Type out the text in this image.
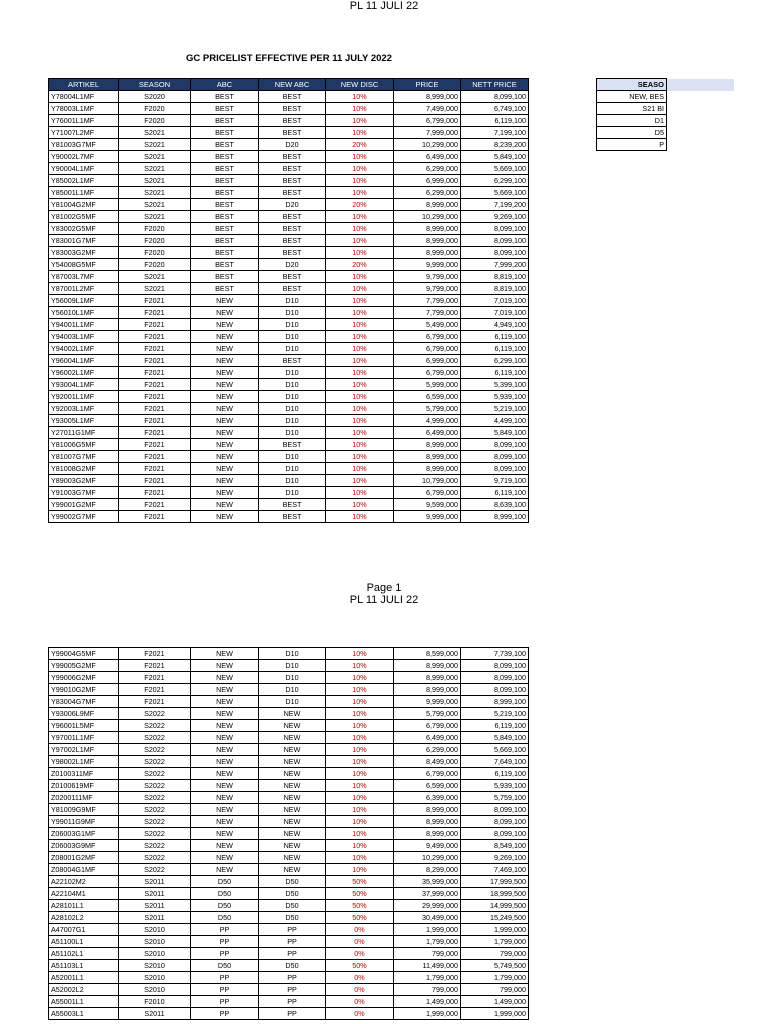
PL 11 JULI 22
GC PRICELIST EFFECTIVE PER 11 JULY 2022
ARTIKEL	SEASON	ABC	NEW ABC	NEW DISC	PRICE	NETT PRICE
Y78004L1MF	S2020	BEST	BEST	10%	8,999,000	8,099,100
Y78003L1MF	F2020	BEST	BEST	10%	7,499,000	6,749,100
Y76001L1MF	F2020	BEST	BEST	10%	6,799,000	6,119,100
Y71007L2MF	S2021	BEST	BEST	10%	7,999,000	7,199,100
Y81003G7MF	S2021	BEST	D20	20%	10,299,000	8,239,200
Y90002L7MF	S2021	BEST	BEST	10%	6,499,000	5,849,100
Y90004L1MF	S2021	BEST	BEST	10%	6,299,000	5,669,100
Y85002L1MF	S2021	BEST	BEST	10%	6,999,000	6,299,100
Y85001L1MF	S2021	BEST	BEST	10%	6,299,000	5,669,100
Y81004G2MF	S2021	BEST	D20	20%	8,999,000	7,199,200
Y81002G5MF	S2021	BEST	BEST	10%	10,299,000	9,269,100
Y83002G5MF	F2020	BEST	BEST	10%	8,999,000	8,099,100
Y83001G7MF	F2020	BEST	BEST	10%	8,999,000	8,099,100
Y83003G2MF	F2020	BEST	BEST	10%	8,999,000	8,099,100
Y54008G5MF	F2020	BEST	D20	20%	9,999,000	7,999,200
Y87003L7MF	S2021	BEST	BEST	10%	9,799,000	8,819,100
Y87001L2MF	S2021	BEST	BEST	10%	9,799,000	8,819,100
Y56009L1MF	F2021	NEW	D10	10%	7,799,000	7,019,100
Y56010L1MF	F2021	NEW	D10	10%	7,799,000	7,019,100
Y94001L1MF	F2021	NEW	D10	10%	5,499,000	4,949,100
Y94003L1MF	F2021	NEW	D10	10%	6,799,000	6,119,100
Y94002L1MF	F2021	NEW	D10	10%	6,799,000	6,119,100
Y96004L1MF	F2021	NEW	BEST	10%	6,999,000	6,299,100
Y96002L1MF	F2021	NEW	D10	10%	6,799,000	6,119,100
Y93004L1MF	F2021	NEW	D10	10%	5,999,000	5,399,100
Y92001L1MF	F2021	NEW	D10	10%	6,599,000	5,939,100
Y92003L1MF	F2021	NEW	D10	10%	5,799,000	5,219,100
Y93005L1MF	F2021	NEW	D10	10%	4,999,000	4,499,100
Y27011G1MF	F2021	NEW	D10	10%	6,499,000	5,849,100
Y81006G5MF	F2021	NEW	BEST	10%	8,999,000	8,099,100
Y81007G7MF	F2021	NEW	D10	10%	8,999,000	8,099,100
Y81008G2MF	F2021	NEW	D10	10%	8,999,000	8,099,100
Y89003G2MF	F2021	NEW	D10	10%	10,799,000	9,719,100
Y91003G7MF	F2021	NEW	D10	10%	6,799,000	6,119,100
Y99001G2MF	F2021	NEW	BEST	10%	9,599,000	8,639,100
Y99002G7MF	F2021	NEW	BEST	10%	9,999,000	8,999,100
SEASO	
NEW, BES
S21 BI
D1
D5
P
Page 1
PL 11 JULI 22
Y99004G5MF	F2021	NEW	D10	10%	8,599,000	7,739,100
Y99005G2MF	F2021	NEW	D10	10%	8,999,000	8,099,100
Y99006G2MF	F2021	NEW	D10	10%	8,999,000	8,099,100
Y99010G2MF	F2021	NEW	D10	10%	8,999,000	8,099,100
Y83004G7MF	F2021	NEW	D10	10%	9,999,000	8,999,100
Y93006L9MF	S2022	NEW	NEW	10%	5,799,000	5,219,100
Y96001L5MF	S2022	NEW	NEW	10%	6,799,000	6,119,100
Y97001L1MF	S2022	NEW	NEW	10%	6,499,000	5,849,100
Y97002L1MF	S2022	NEW	NEW	10%	6,299,000	5,669,100
Y98002L1MF	S2022	NEW	NEW	10%	8,499,000	7,649,100
Z0100311MF	S2022	NEW	NEW	10%	6,799,000	6,119,100
Z0100619MF	S2022	NEW	NEW	10%	6,599,000	5,939,100
Z0200111MF	S2022	NEW	NEW	10%	6,399,000	5,759,100
Y81009G9MF	S2022	NEW	NEW	10%	8,999,000	8,099,100
Y99011G9MF	S2022	NEW	NEW	10%	8,999,000	8,099,100
Z06003G1MF	S2022	NEW	NEW	10%	8,999,000	8,099,100
Z06003G9MF	S2022	NEW	NEW	10%	9,499,000	8,549,100
Z08001G2MF	S2022	NEW	NEW	10%	10,299,000	9,269,100
Z08004G1MF	S2022	NEW	NEW	10%	8,299,000	7,469,100
A22102M2	S2011	D50	D50	50%	35,999,000	17,999,500
A22104M1	S2011	D50	D50	50%	37,999,000	18,999,500
A28101L1	S2011	D50	D50	50%	29,999,000	14,999,500
A28102L2	S2011	D50	D50	50%	30,499,000	15,249,500
A47007G1	S2010	PP	PP	0%	1,999,000	1,999,000
A51100L1	S2010	PP	PP	0%	1,799,000	1,799,000
A51102L1	S2010	PP	PP	0%	799,000	799,000
A51103L1	S2010	D50	D50	50%	11,499,000	5,749,500
A52001L1	S2010	PP	PP	0%	1,799,000	1,799,000
A52002L2	S2010	PP	PP	0%	799,000	799,000
A55001L1	F2010	PP	PP	0%	1,499,000	1,499,000
A55003L1	S2011	PP	PP	0%	1,999,000	1,999,000
